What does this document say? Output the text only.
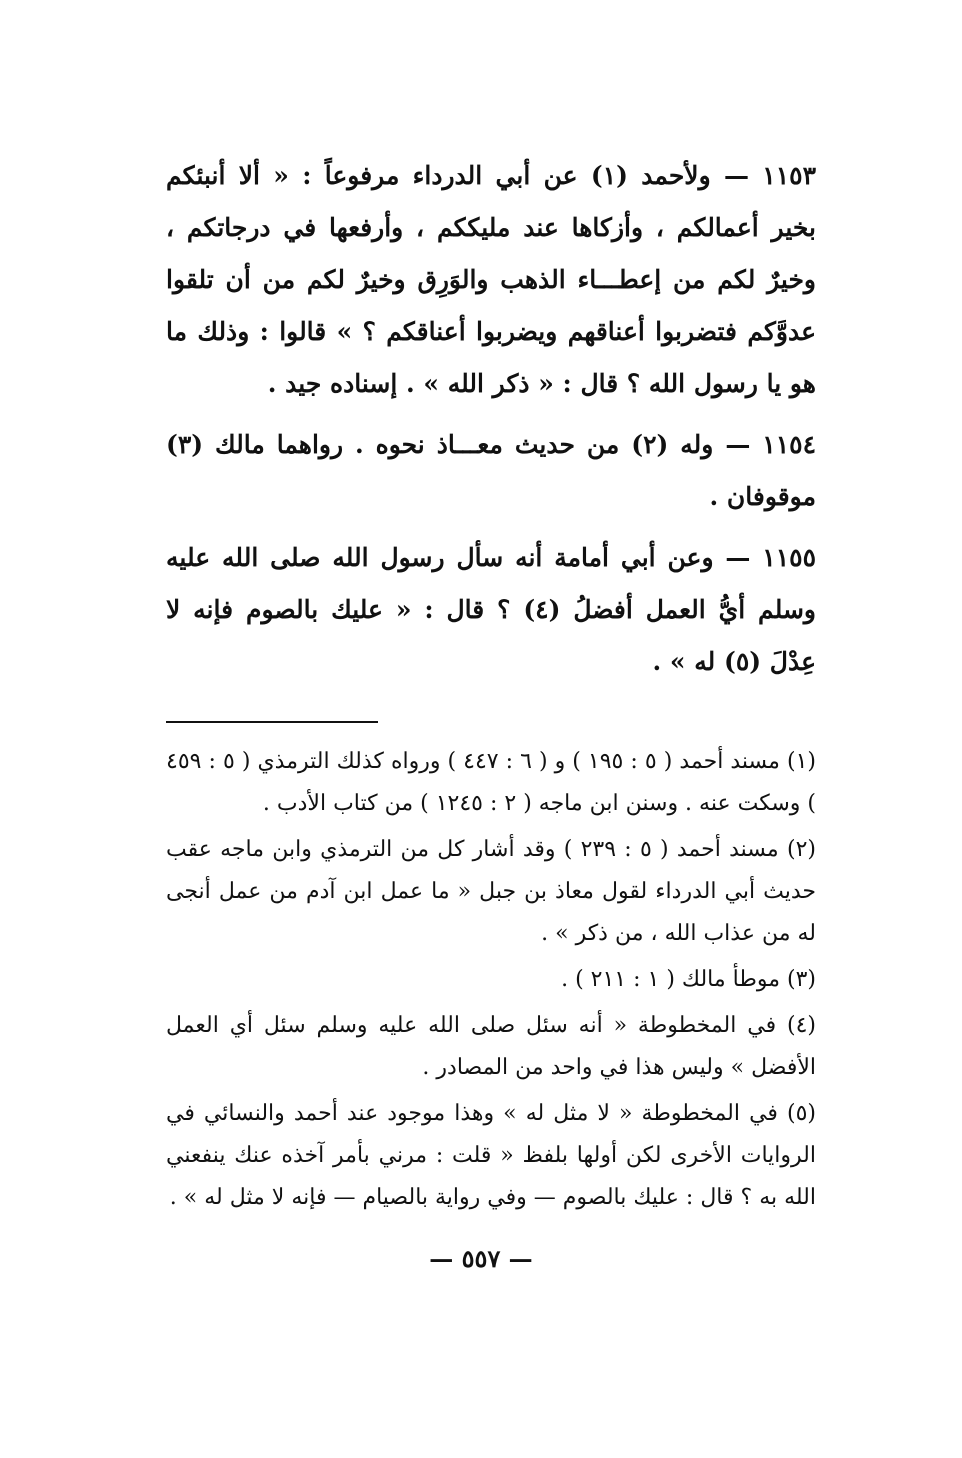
١١٥٣ — ولأحمد (١) عن أبي الدرداء مرفوعاً : « ألا أنبئكم بخير أعمالكم ، وأزكاها عند مليككم ، وأرفعها في درجاتكم ، وخيرٌ لكم من إعطـــاء الذهب والوَرِق وخيرٌ لكم من أن تلقوا عدوَّكم فتضربوا أعناقهم ويضربوا أعناقكم ؟ » قالوا : وذلك ما هو يا رسول الله ؟ قال : « ذكر الله » . إسناده جيد .

١١٥٤ — وله (٢) من حديث معـــاذ نحوه . رواهما مالك (٣) موقوفان .

١١٥٥ — وعن أبي أمامة أنه سأل رسول الله صلى الله عليه وسلم أيُّ العمل أفضلُ (٤) ؟ قال : « عليك بالصوم فإنه لا عِدْلَ (٥) له » .

(١) مسند أحمد ( ٥ : ١٩٥ ) و ( ٦ : ٤٤٧ ) ورواه كذلك الترمذي ( ٥ : ٤٥٩ ) وسكت عنه . وسنن ابن ماجه ( ٢ : ١٢٤٥ ) من كتاب الأدب .

(٢) مسند أحمد ( ٥ : ٢٣٩ ) وقد أشار كل من الترمذي وابن ماجه عقب حديث أبي الدرداء لقول معاذ بن جبل « ما عمل ابن آدم من عمل أنجى له من عذاب الله ، من ذكر » .

(٣) موطأ مالك ( ١ : ٢١١ ) .

(٤) في المخطوطة « أنه سئل صلى الله عليه وسلم سئل أي العمل الأفضل » وليس هذا في واحد من المصادر .

(٥) في المخطوطة « لا مثل له » وهذا موجود عند أحمد والنسائي في الروايات الأخرى لكن أولها بلفظ « قلت : مرني بأمر آخذه عنك ينفعني الله به ؟ قال : عليك بالصوم — وفي رواية بالصيام — فإنه لا مثل له » .

— ٥٥٧ —
